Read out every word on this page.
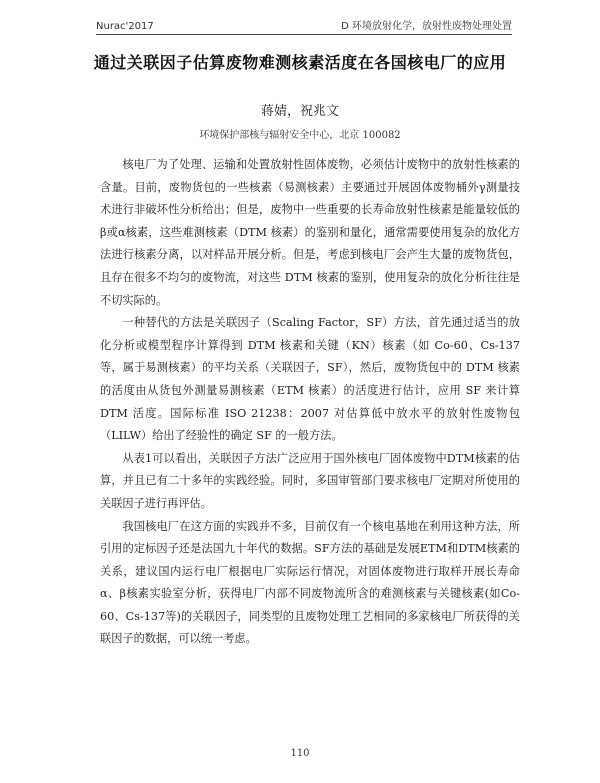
Nurac'2017	D 环境放射化学，放射性废物处理处置
通过关联因子估算废物难测核素活度在各国核电厂的应用
蒋婧，祝兆文
环境保护部核与辐射安全中心，北京 100082

核电厂为了处理、运输和处置放射性固体废物，必须估计废物中的放射性核素的含量。目前，废物货包的一些核素（易测核素）主要通过开展固体废物桶外γ测量技术进行非破坏性分析给出；但是，废物中一些重要的长寿命放射性核素是能量较低的β或α核素，这些难测核素（DTM 核素）的鉴别和量化，通常需要使用复杂的放化方法进行核素分离，以对样品开展分析。但是，考虑到核电厂会产生大量的废物货包，且存在很多不均匀的废物流，对这些 DTM 核素的鉴别，使用复杂的放化分析往往是不切实际的。

一种替代的方法是关联因子（Scaling Factor，SF）方法，首先通过适当的放化分析或模型程序计算得到 DTM 核素和关键（KN）核素（如 Co-60、Cs-137 等，属于易测核素）的平均关系（关联因子，SF），然后，废物货包中的 DTM 核素的活度由从货包外测量易测核素（ETM 核素）的活度进行估计，应用 SF 来计算 DTM 活度。国际标准 ISO 21238：2007 对估算低中放水平的放射性废物包（LILW）给出了经验性的确定 SF 的一般方法。

从表1可以看出，关联因子方法广泛应用于国外核电厂固体废物中DTM核素的估算，并且已有二十多年的实践经验。同时，多国审管部门要求核电厂定期对所使用的关联因子进行再评估。

我国核电厂在这方面的实践并不多，目前仅有一个核电基地在利用这种方法，所引用的定标因子还是法国九十年代的数据。SF方法的基础是发展ETM和DTM核素的关系，建议国内运行电厂根据电厂实际运行情况，对固体废物进行取样开展长寿命α、β核素实验室分析，获得电厂内部不同废物流所含的难测核素与关键核素(如Co-60、Cs-137等)的关联因子，同类型的且废物处理工艺相同的多家核电厂所获得的关联因子的数据，可以统一考虑。

110
